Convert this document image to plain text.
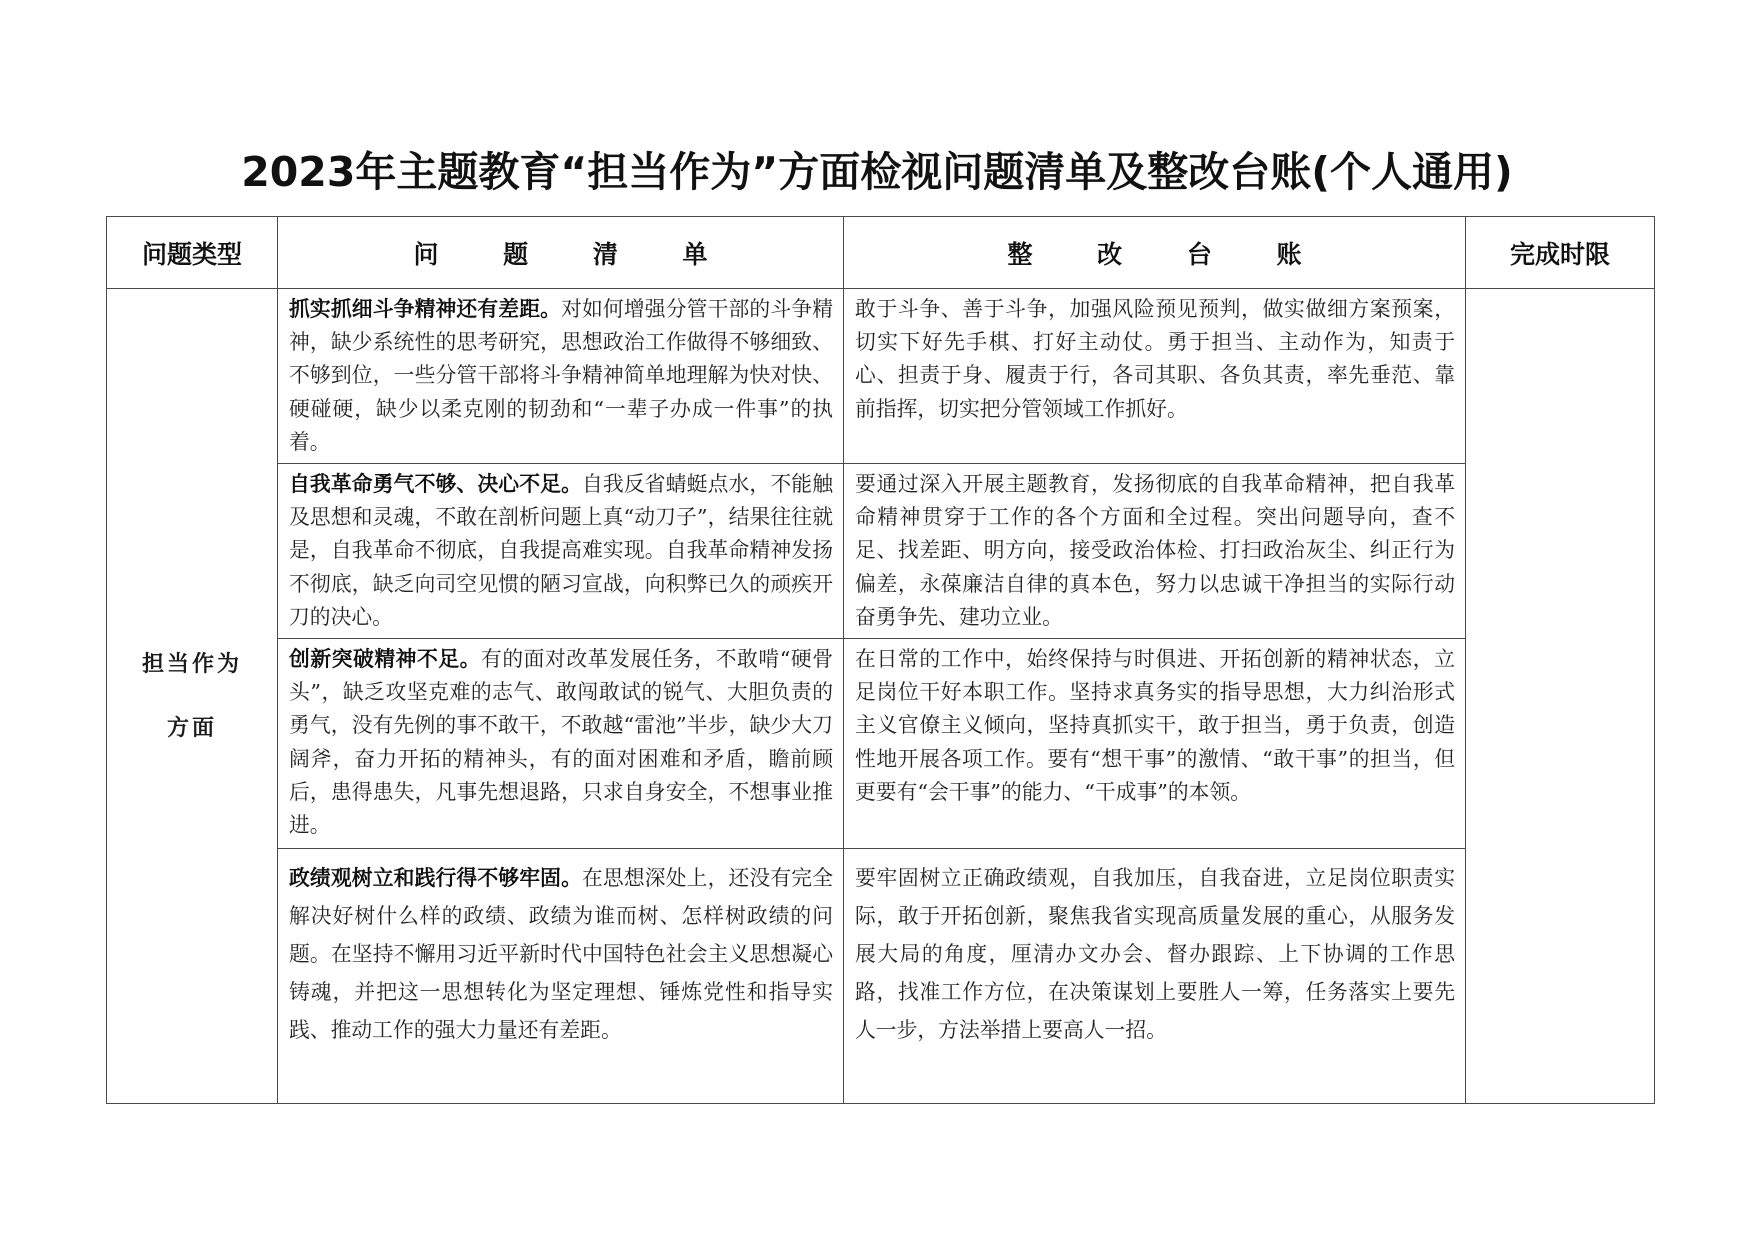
2023年主题教育“担当作为”方面检视问题清单及整改台账(个人通用)
问题类型	问 题 清 单	整 改 台 账	完成时限
担当作为方面	抓实抓细斗争精神还有差距。对如何增强分管干部的斗争精神，缺少系统性的思考研究，思想政治工作做得不够细致、不够到位，一些分管干部将斗争精神简单地理解为快对快、硬碰硬，缺少以柔克刚的韧劲和“一辈子办成一件事”的执着。	敢于斗争、善于斗争，加强风险预见预判，做实做细方案预案，切实下好先手棋、打好主动仗。勇于担当、主动作为，知责于心、担责于身、履责于行，各司其职、各负其责，率先垂范、靠前指挥，切实把分管领域工作抓好。	

	自我革命勇气不够、决心不足。自我反省蜻蜓点水，不能触及思想和灵魂，不敢在剖析问题上真“动刀子”，结果往往就是，自我革命不彻底，自我提高难实现。自我革命精神发扬不彻底，缺乏向司空见惯的陋习宣战，向积弊已久的顽疾开刀的决心。	要通过深入开展主题教育，发扬彻底的自我革命精神，把自我革命精神贯穿于工作的各个方面和全过程。突出问题导向，查不足、找差距、明方向，接受政治体检、打扫政治灰尘、纠正行为偏差，永葆廉洁自律的真本色，努力以忠诚干净担当的实际行动奋勇争先、建功立业。	

	创新突破精神不足。有的面对改革发展任务，不敢啃“硬骨头”，缺乏攻坚克难的志气、敢闯敢试的锐气、大胆负责的勇气，没有先例的事不敢干，不敢越“雷池”半步，缺少大刀阔斧，奋力开拓的精神头，有的面对困难和矛盾，瞻前顾后，患得患失，凡事先想退路，只求自身安全，不想事业推进。	在日常的工作中，始终保持与时俱进、开拓创新的精神状态，立足岗位干好本职工作。坚持求真务实的指导思想，大力纠治形式主义官僚主义倾向，坚持真抓实干，敢于担当，勇于负责，创造性地开展各项工作。要有“想干事”的激情、“敢干事”的担当，但更要有“会干事”的能力、“干成事”的本领。	

	政绩观树立和践行得不够牢固。在思想深处上，还没有完全解决好树什么样的政绩、政绩为谁而树、怎样树政绩的问题。在坚持不懈用习近平新时代中国特色社会主义思想凝心铸魂，并把这一思想转化为坚定理想、锤炼党性和指导实践、推动工作的强大力量还有差距。	要牢固树立正确政绩观，自我加压，自我奋进，立足岗位职责实际，敢于开拓创新，聚焦我省实现高质量发展的重心，从服务发展大局的角度，厘清办文办会、督办跟踪、上下协调的工作思路，找准工作方位，在决策谋划上要胜人一筹，任务落实上要先人一步，方法举措上要高人一招。	
